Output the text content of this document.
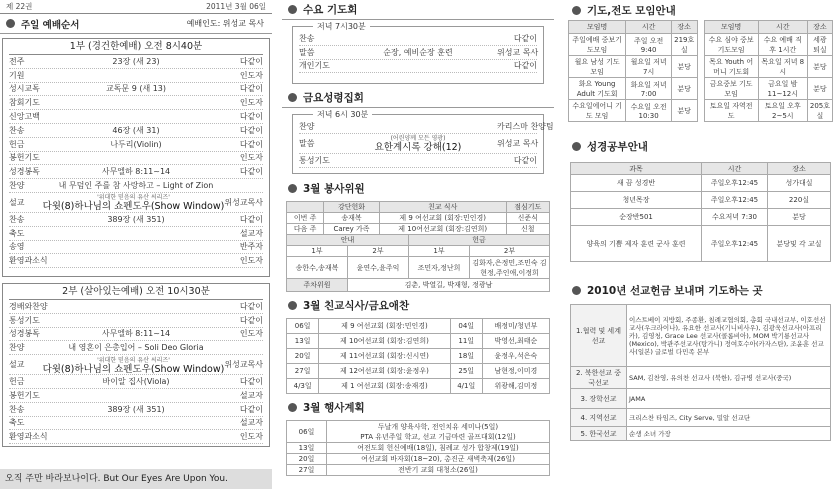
제 22권	2011년 3월 06일
주일 예배순서	예배인도: 위성교 목사
1부 (경건한예배) 오전 8시40분
전주	23장 (새 23)	다같이
기원	인도자
성시교독	교독문 9 (새 13)	다같이
참회기도	인도자
신앙고백	다같이
찬송	46장 (새 31)	다같이
헌금	나두리(Violin)	다같이
봉헌기도	인도자
성경봉독	사무엘하 8:11~14	다같이
찬양	내 무덤인 주를 참 사랑하고 – Light of Zion
설교	'위대한 믿음의 유산 씨리즈'
다윗(8)하나님의 쇼펜도우(Show Window) 위성교목사
찬송	389장 (새 351)	다같이
축도	설교자
송영	반주자
환영과소식	인도자
2부 (살아있는예배) 오전 10시30분
경배와찬양	다같이
통성기도	다같이
성경봉독	사무엘하 8:11~14	인도자
찬양	내 영혼이 은총입어 – Soli Deo Gloria
설교	'위대한 믿음의 유산 씨리즈'
다윗(8)하나님의 쇼펜도우(Show Window) 위성교목사
헌금	바이알 집사(Viola)	다같이
봉헌기도	설교자
찬송	389장 (새 351)	다같이
축도	설교자
환영과소식	인도자
오직 주만 바라보나이다. But Our Eyes Are Upon You.
수요 기도회
저녁 7시30분
찬송	다같이
말씀	순장, 예비순장 훈련	위성교 목사
개인기도	다같이
금요성령집회
저녁 6시 30분
찬양	카리스마 찬양팀
말씀	(어린양께 모든 영광)
요한계시록 강해(12)	위성교 목사
통성기도	다같이
3월 봉사위원
	강단헌화	친교 식사	점심기도
이번 주	송재복	제 9 여선교회 (회장:민인경)	신준식
다음 주	Carey 가족	제 10여선교회 (회장:김연희)	신철
안내		헌금	
1부	2부	1부	2부
송한수,송재복	윤연수,윤주익	조민자,정난희	김화자,은정민,조민숙 김현정,주인애,이정희
주차위원	김춘, 박열길, 박재형, 정광남		
3월 친교식사/금요애찬
06일	제 9 여선교회 (회장:민인경)	04일	배정미/청년부
13일	제 10여선교회 (회장:김연희)	11일	박영선,최태순
20일	제 11여선교회 (회장:신시연)	18일	윤정우,석은숙
27일	제 12여선교회 (회장:윤정우)	25일	남현정,이미경
4/3일	제 1 여선교회 (회장:송재경)	4/1일	위광해,김미정
3월 행사계획
06일	두날개 양육사학, 전인치유 세미나(5일)
PTA 유년주일 학교, 선교 기금마련 골프대회(12일)
13일	여전도회 헌신예배(18일), 침례교 성가 합창제(19일)
20일	여선교회 바자회(18~20), 총진군 새벽축제(26일)
27일	전반기 교회 대청소(26일)
기도,전도 모임안내
모임명	시간	장소
주일예배 중보기도모임	주일 오전 9:40	219호실
월요 남성 기도 모임	월요일 저녁 7시	분당
화요 Young Adult 기도회	화요일 저녁7:00	분당
수요일에어니 기도 모임	수요일 오전 10:30	분당
모임명	시간	장소
수요 심야 중보기도모임	수요 예배 직후 1시간	세광퇴실
목요 Youth 어머니 기도회	목요일 저녁 8시	분당
금요중보 기도모임	금요일 밤 11~12시	분당
토요일 자역전도	토요일 오후 2~5시	205호실
성경공부안내
과목	시간	장소
새 끔 성경반	주일오후12:45	성가대실
청년목장	주일오후12:45	220실
순장반501	수요저녁 7:30	분당
양육의 기쁨 제자 훈련 군사 훈련	주일오후12:45	분당및 각 교실
2010년 선교헌금 보내며 기도하는 곳
1.협력 및 세계선교	이스트베이 지방회, 주종환, 침례교협의회, 총회 국내선교부, 이호선선교사(우크라이나), 유요한 선교사(기니비사우), 김광욱선교사(아프리카), 김영청, Grace Lee 선교사(콜롬비아), MOM 박기룡선교사(Mexico), 박관주선교사(탕가니) 정여호수아(카자스탄), 조윤훈 선교사(일본) 글로벌 다민족 본부
2. 북한선교 중국선교	SAM, 김찬영, 유의찬 선교사 (북한), 김규병 선교사(중국)
3. 장학선교	JAMA
4. 지역선교	크리스찬 타임즈, City Serve, 밀알 선교단
5. 한국선교	순생 소녀 가장
